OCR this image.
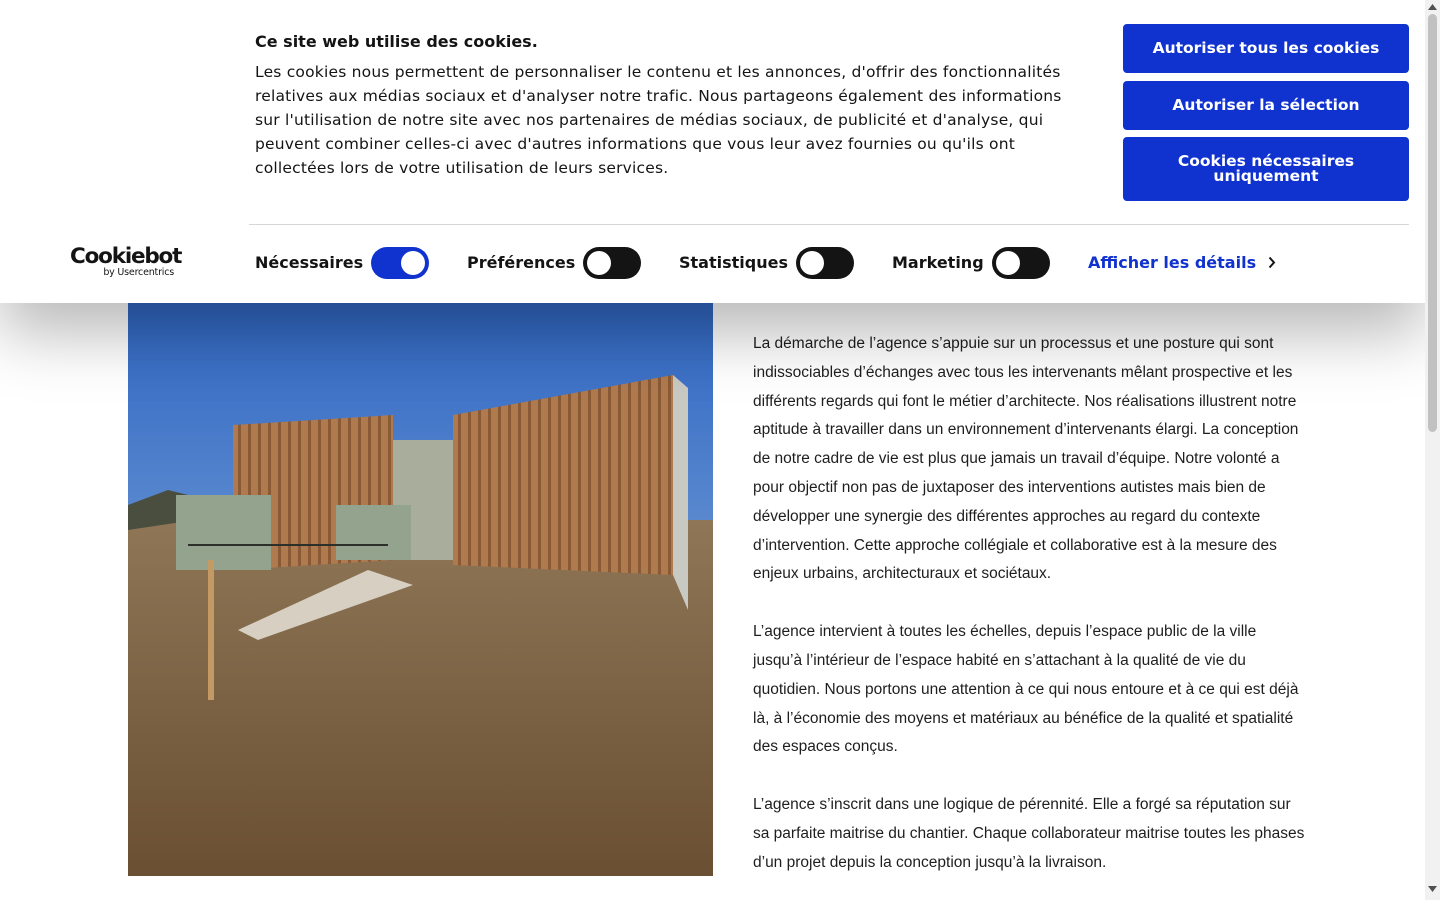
La démarche de l’agence s’appuie sur un processus et une posture qui sont indissociables d’échanges avec tous les intervenants mêlant prospective et les différents regards qui font le métier d’architecte. Nos réalisations illustrent notre aptitude à travailler dans un environnement d’intervenants élargi. La conception de notre cadre de vie est plus que jamais un travail d’équipe. Notre volonté a pour objectif non pas de juxtaposer des interventions autistes mais bien de développer une synergie des différentes approches au regard du contexte d’intervention. Cette approche collégiale et collaborative est à la mesure des enjeux urbains, architecturaux et sociétaux.

L’agence intervient à toutes les échelles, depuis l’espace public de la ville jusqu’à l’intérieur de l’espace habité en s’attachant à la qualité de vie du quotidien. Nous portons une attention à ce qui nous entoure et à ce qui est déjà là, à l’économie des moyens et matériaux au bénéfice de la qualité et spatialité des espaces conçus.

L’agence s’inscrit dans une logique de pérennité. Elle a forgé sa réputation sur sa parfaite maitrise du chantier. Chaque collaborateur maitrise toutes les phases d’un projet depuis la conception jusqu’à la livraison.

Ce site web utilise des cookies.
Les cookies nous permettent de personnaliser le contenu et les annonces, d'offrir des fonctionnalités relatives aux médias sociaux et d'analyser notre trafic. Nous partageons également des informations sur l'utilisation de notre site avec nos partenaires de médias sociaux, de publicité et d'analyse, qui peuvent combiner celles-ci avec d'autres informations que vous leur avez fournies ou qu'ils ont collectées lors de votre utilisation de leurs services.
Autoriser tous les cookies
Autoriser la sélection
Cookies nécessaires uniquement
Cookiebot
by Usercentrics
Nécessaires	Préférences	Statistiques	Marketing	Afficher les détails
